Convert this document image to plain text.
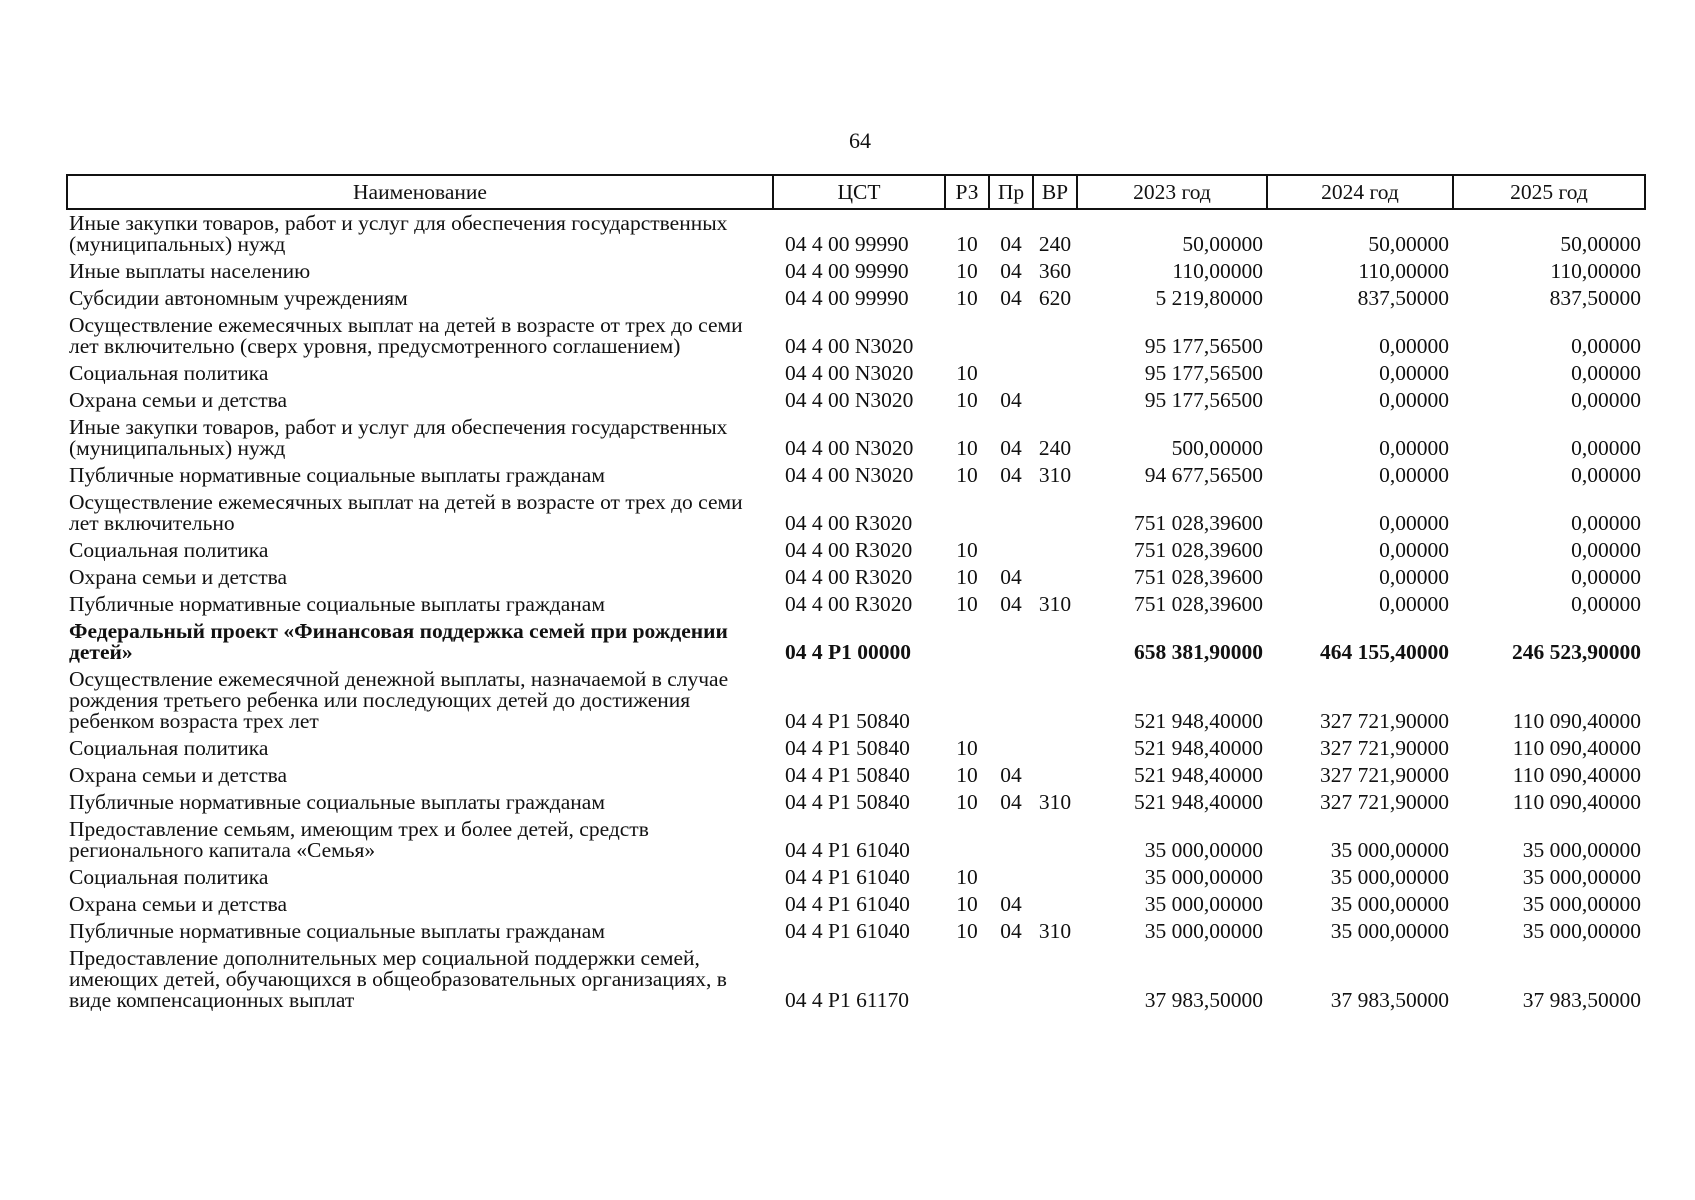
64
Наименование	ЦСТ	РЗ	Пр	ВР	2023 год	2024 год	2025 год
Иные закупки товаров, работ и услуг для обеспечения государственных (муниципальных) нужд	04 4 00 99990	10	04	240	50,00000	50,00000	50,00000
Иные выплаты населению	04 4 00 99990	10	04	360	110,00000	110,00000	110,00000
Субсидии автономным учреждениям	04 4 00 99990	10	04	620	5 219,80000	837,50000	837,50000
Осуществление ежемесячных выплат на детей в возрасте от трех до семи лет включительно (сверх уровня, предусмотренного соглашением)	04 4 00 N3020				95 177,56500	0,00000	0,00000
Социальная политика	04 4 00 N3020	10			95 177,56500	0,00000	0,00000
Охрана семьи и детства	04 4 00 N3020	10	04		95 177,56500	0,00000	0,00000
Иные закупки товаров, работ и услуг для обеспечения государственных (муниципальных) нужд	04 4 00 N3020	10	04	240	500,00000	0,00000	0,00000
Публичные нормативные социальные выплаты гражданам	04 4 00 N3020	10	04	310	94 677,56500	0,00000	0,00000
Осуществление ежемесячных выплат на детей в возрасте от трех до семи лет включительно	04 4 00 R3020				751 028,39600	0,00000	0,00000
Социальная политика	04 4 00 R3020	10			751 028,39600	0,00000	0,00000
Охрана семьи и детства	04 4 00 R3020	10	04		751 028,39600	0,00000	0,00000
Публичные нормативные социальные выплаты гражданам	04 4 00 R3020	10	04	310	751 028,39600	0,00000	0,00000
Федеральный проект «Финансовая поддержка семей при рождении детей»	04 4 P1 00000				658 381,90000	464 155,40000	246 523,90000
Осуществление ежемесячной денежной выплаты, назначаемой в случае рождения третьего ребенка или последующих детей до достижения ребенком возраста трех лет	04 4 P1 50840				521 948,40000	327 721,90000	110 090,40000
Социальная политика	04 4 P1 50840	10			521 948,40000	327 721,90000	110 090,40000
Охрана семьи и детства	04 4 P1 50840	10	04		521 948,40000	327 721,90000	110 090,40000
Публичные нормативные социальные выплаты гражданам	04 4 P1 50840	10	04	310	521 948,40000	327 721,90000	110 090,40000
Предоставление семьям, имеющим трех и более детей, средств регионального капитала «Семья»	04 4 P1 61040				35 000,00000	35 000,00000	35 000,00000
Социальная политика	04 4 P1 61040	10			35 000,00000	35 000,00000	35 000,00000
Охрана семьи и детства	04 4 P1 61040	10	04		35 000,00000	35 000,00000	35 000,00000
Публичные нормативные социальные выплаты гражданам	04 4 P1 61040	10	04	310	35 000,00000	35 000,00000	35 000,00000
Предоставление дополнительных мер социальной поддержки семей, имеющих детей, обучающихся в общеобразовательных организациях, в виде компенсационных выплат	04 4 P1 61170				37 983,50000	37 983,50000	37 983,50000
